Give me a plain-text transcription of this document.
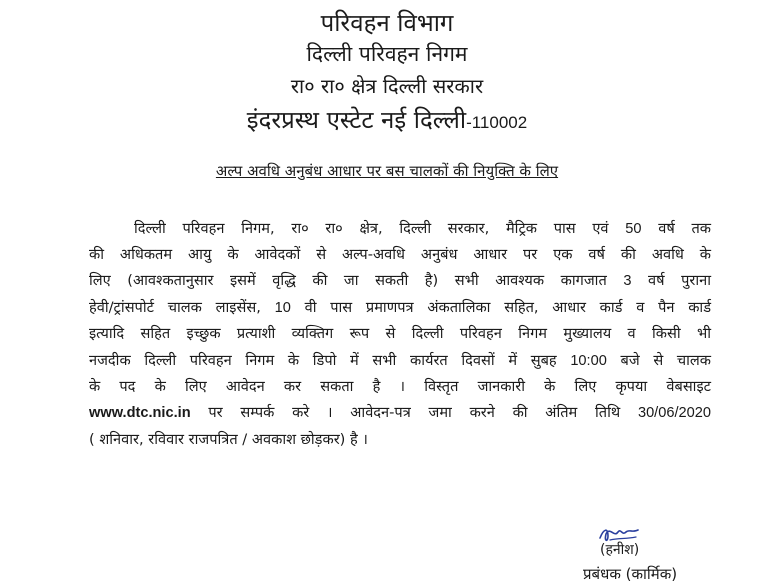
परिवहन विभाग
दिल्ली परिवहन निगम
रा० रा० क्षेत्र दिल्ली सरकार
इंदरप्रस्थ एस्टेट नई दिल्ली-110002
अल्प अवधि अनुबंध आधार पर बस चालकों की नियुक्ति के लिए
दिल्ली परिवहन निगम, रा० रा० क्षेत्र, दिल्ली सरकार, मैट्रिक पास एवं 50 वर्ष तक
की अधिकतम आयु के आवेदकों से अल्प-अवधि अनुबंध आधार पर एक वर्ष की अवधि के
लिए (आवश्कतानुसार इसमें वृद्धि की जा सकती है) सभी आवश्यक कागजात 3 वर्ष पुराना
हेवी/ट्रांसपोर्ट चालक लाइसेंस, 10 वी पास प्रमाणपत्र अंकतालिका सहित, आधार कार्ड व पैन कार्ड
इत्यादि सहित इच्छुक प्रत्याशी व्यक्तिग रूप से दिल्ली परिवहन निगम मुख्यालय व किसी भी
नजदीक दिल्ली परिवहन निगम के डिपो में सभी कार्यरत दिवसों में सुबह 10:00 बजे से चालक
के पद के लिए आवेदन कर सकता है । विस्तृत जानकारी के लिए कृपया वेबसाइट
www.dtc.nic.in पर सम्पर्क करे । आवेदन-पत्र जमा करने की अंतिम तिथि 30/06/2020
( शनिवार, रविवार राजपत्रित / अवकाश छोड़कर) है ।
(हनीश)
प्रबंधक (कार्मिक)
